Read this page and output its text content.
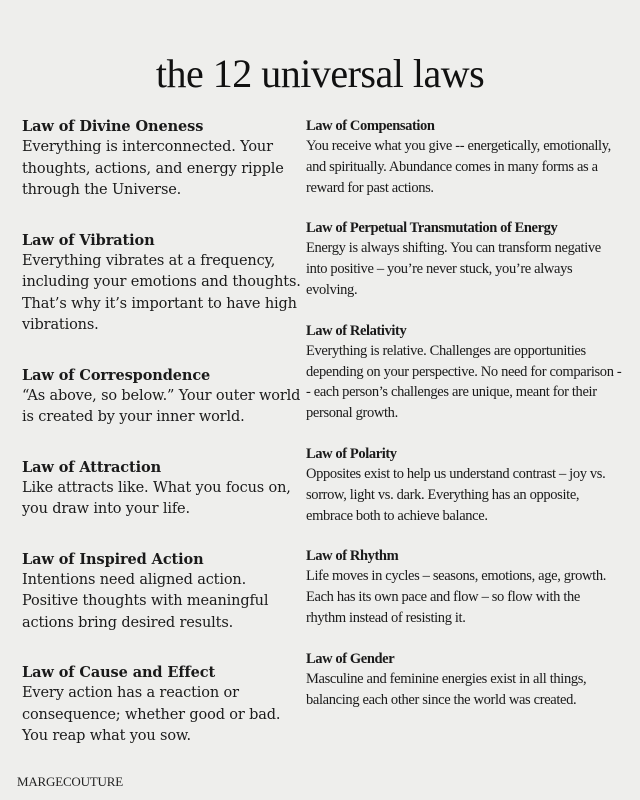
the 12 universal laws
Law of Divine Oneness
Everything is interconnected. Your thoughts, actions, and energy ripple through the Universe.
Law of Vibration
Everything vibrates at a frequency, including your emotions and thoughts. That’s why it’s important to have high vibrations.
Law of Correspondence
“As above, so below.” Your outer world is created by your inner world.
Law of Attraction
Like attracts like. What you focus on, you draw into your life.
Law of Inspired Action
Intentions need aligned action. Positive thoughts with meaningful actions bring desired results.
Law of Cause and Effect
Every action has a reaction or consequence; whether good or bad. You reap what you sow.
Law of Compensation
You receive what you give -- energetically, emotionally, and spiritually. Abundance comes in many forms as a reward for past actions.
Law of Perpetual Transmutation of Energy
Energy is always shifting. You can transform negative into positive – you’re never stuck, you’re always evolving.
Law of Relativity
Everything is relative. Challenges are opportunities depending on your perspective. No need for comparison -- each person’s challenges are unique, meant for their personal growth.
Law of Polarity
Opposites exist to help us understand contrast – joy vs. sorrow, light vs. dark. Everything has an opposite, embrace both to achieve balance.
Law of Rhythm
Life moves in cycles – seasons, emotions, age, growth. Each has its own pace and flow – so flow with the rhythm instead of resisting it.
Law of Gender
Masculine and feminine energies exist in all things, balancing each other since the world was created.
MARGECOUTURE
